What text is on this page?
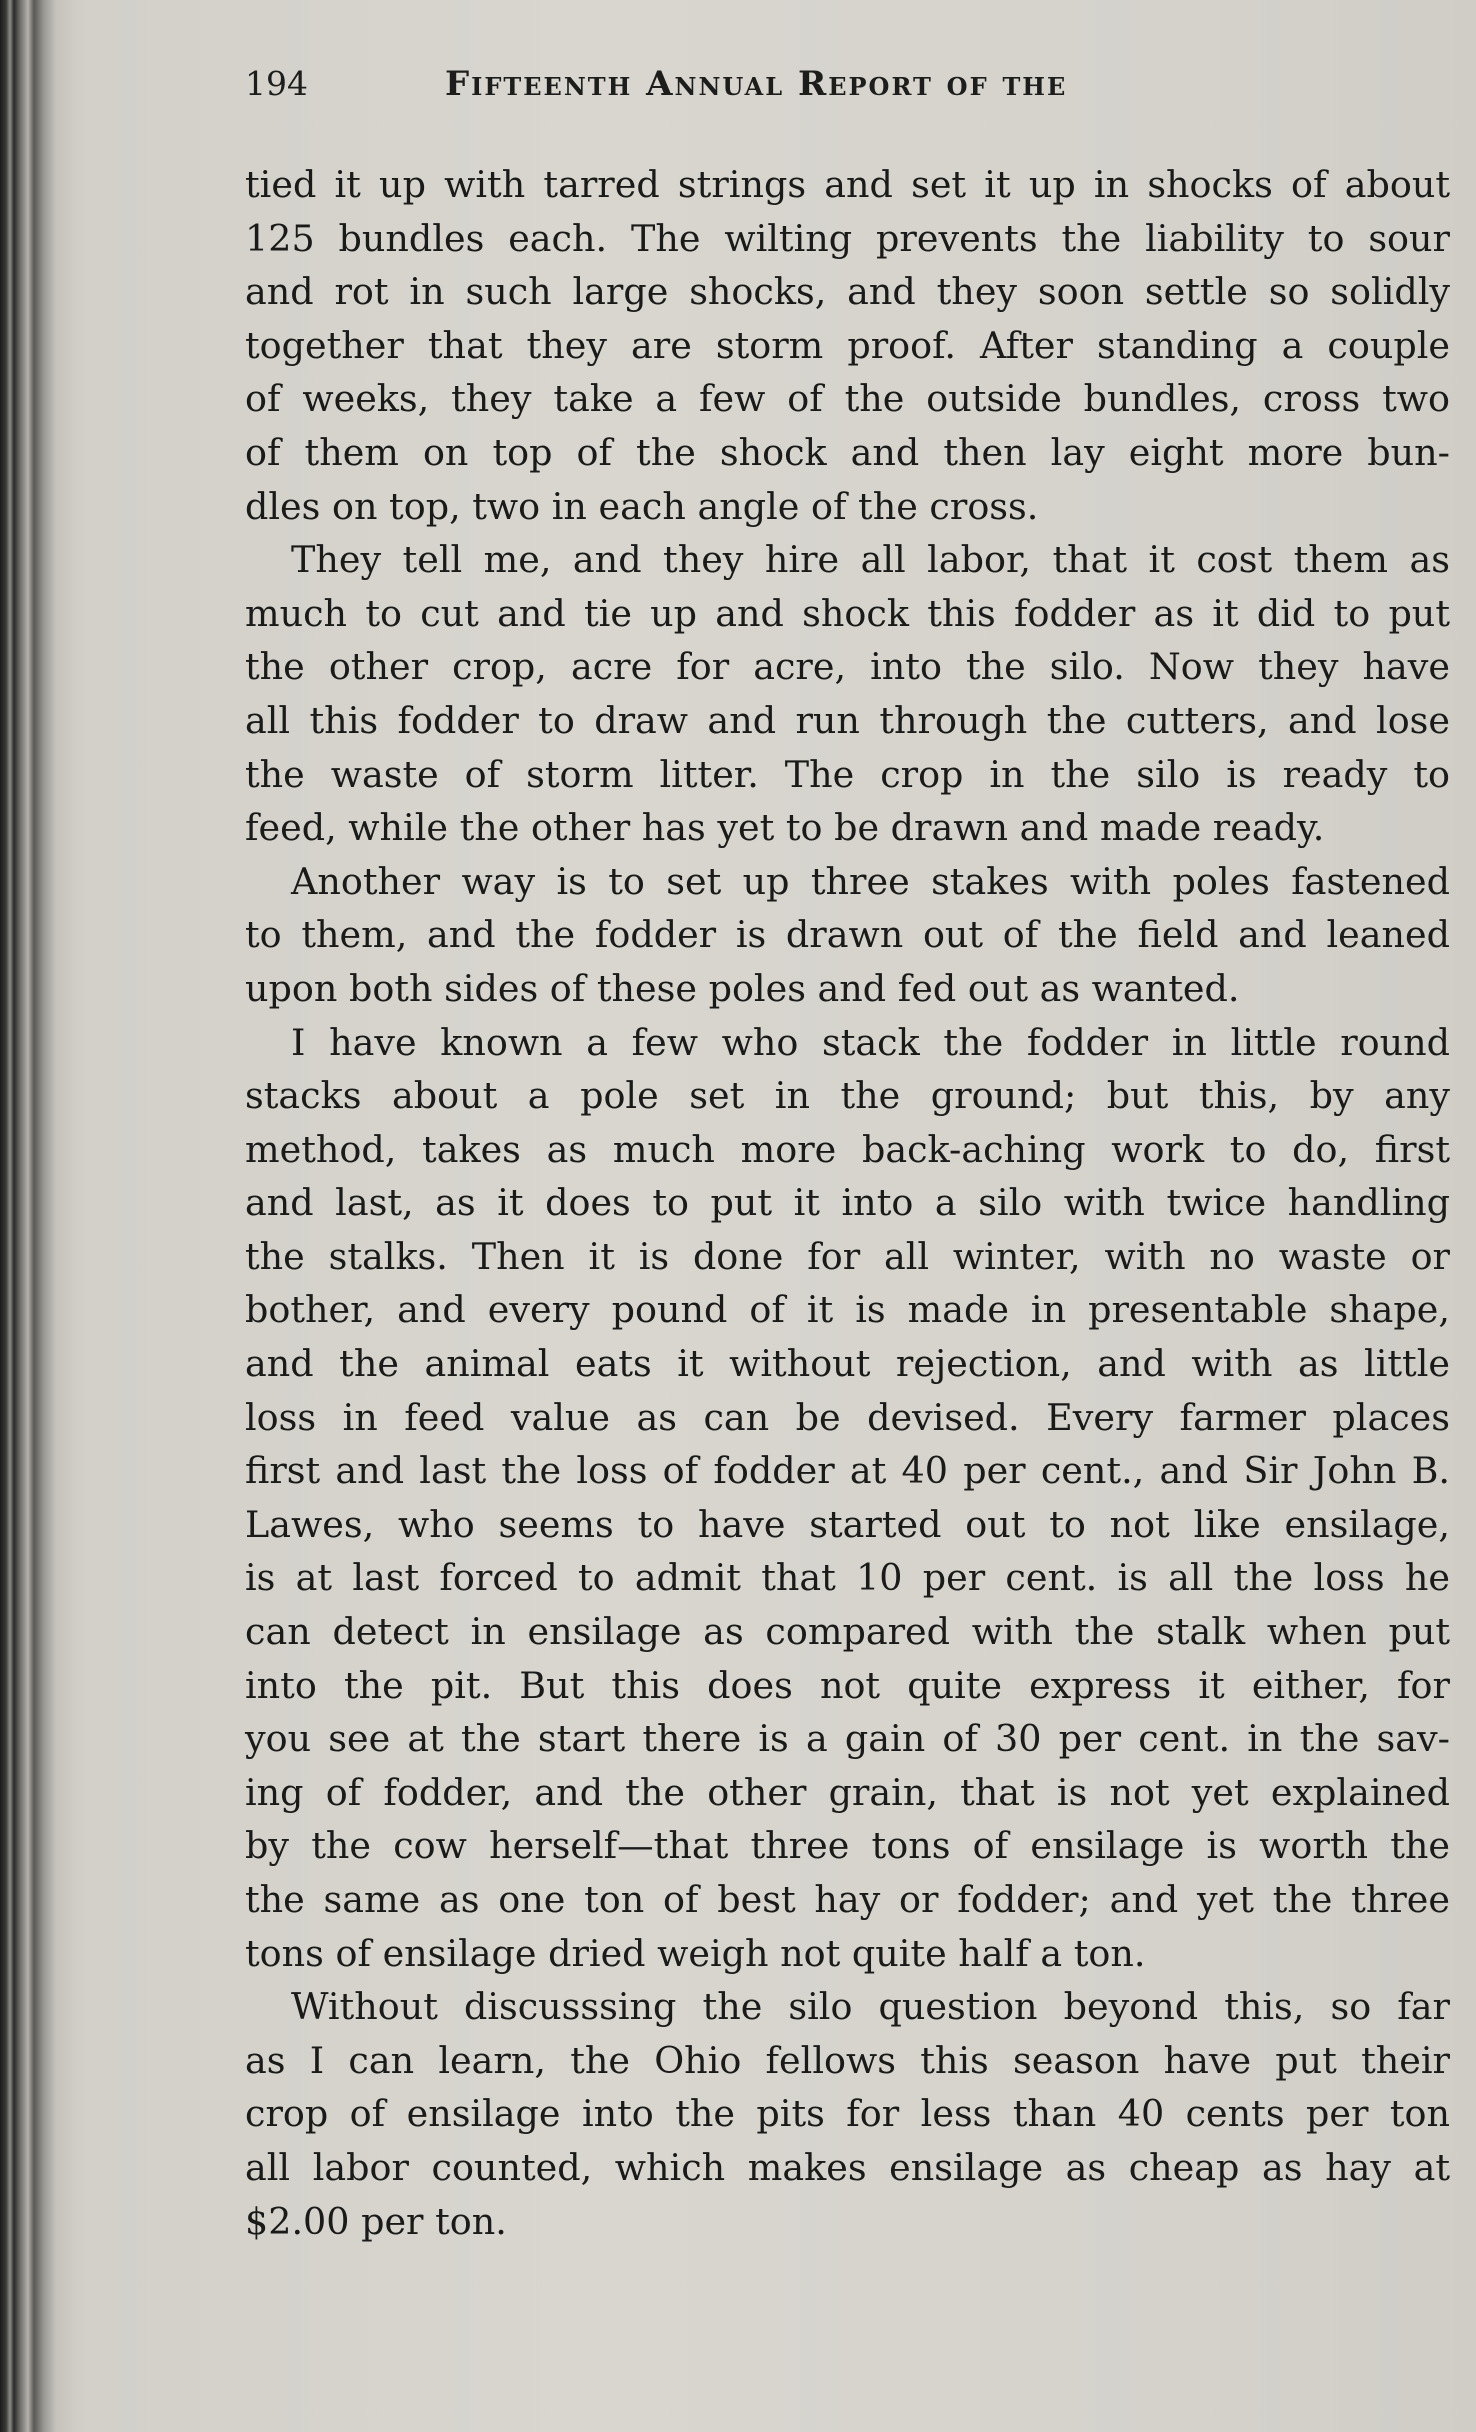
194	Fifteenth Annual Report of the
tied it up with tarred strings and set it up in shocks of about
125 bundles each. The wilting prevents the liability to sour
and rot in such large shocks, and they soon settle so solidly
together that they are storm proof. After standing a couple
of weeks, they take a few of the outside bundles, cross two
of them on top of the shock and then lay eight more bun-
dles on top, two in each angle of the cross.
They tell me, and they hire all labor, that it cost them as
much to cut and tie up and shock this fodder as it did to put
the other crop, acre for acre, into the silo. Now they have
all this fodder to draw and run through the cutters, and lose
the waste of storm litter. The crop in the silo is ready to
feed, while the other has yet to be drawn and made ready.
Another way is to set up three stakes with poles fastened
to them, and the fodder is drawn out of the field and leaned
upon both sides of these poles and fed out as wanted.
I have known a few who stack the fodder in little round
stacks about a pole set in the ground; but this, by any
method, takes as much more back-aching work to do, first
and last, as it does to put it into a silo with twice handling
the stalks. Then it is done for all winter, with no waste or
bother, and every pound of it is made in presentable shape,
and the animal eats it without rejection, and with as little
loss in feed value as can be devised. Every farmer places
first and last the loss of fodder at 40 per cent., and Sir John B.
Lawes, who seems to have started out to not like ensilage,
is at last forced to admit that 10 per cent. is all the loss he
can detect in ensilage as compared with the stalk when put
into the pit. But this does not quite express it either, for
you see at the start there is a gain of 30 per cent. in the sav-
ing of fodder, and the other grain, that is not yet explained
by the cow herself—that three tons of ensilage is worth the
the same as one ton of best hay or fodder; and yet the three
tons of ensilage dried weigh not quite half a ton.
Without discusssing the silo question beyond this, so far
as I can learn, the Ohio fellows this season have put their
crop of ensilage into the pits for less than 40 cents per ton
all labor counted, which makes ensilage as cheap as hay at
$2.00 per ton.
